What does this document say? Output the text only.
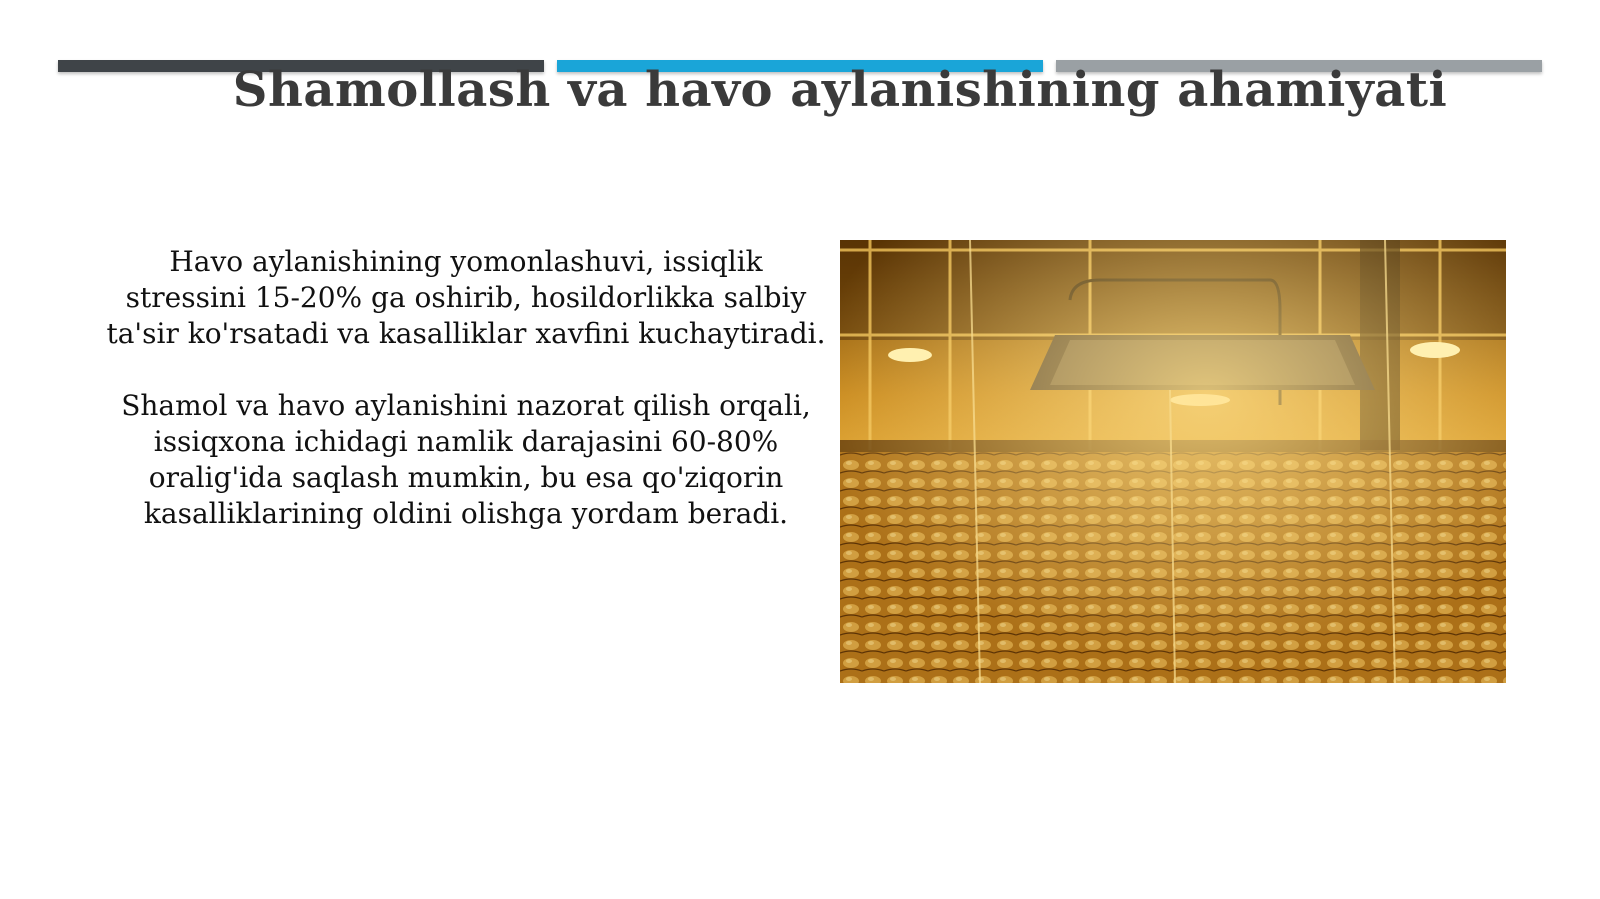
Shamollash va havo aylanishining ahamiyati

Havo aylanishining yomonlashuvi, issiqlik stressini 15-20% ga oshirib, hosildorlikka salbiy ta'sir ko'rsatadi va kasalliklar xavfini kuchaytiradi.

Shamol va havo aylanishini nazorat qilish orqali, issiqxona ichidagi namlik darajasini 60-80% oralig'ida saqlash mumkin, bu esa qo'ziqorin kasalliklarining oldini olishga yordam beradi.
